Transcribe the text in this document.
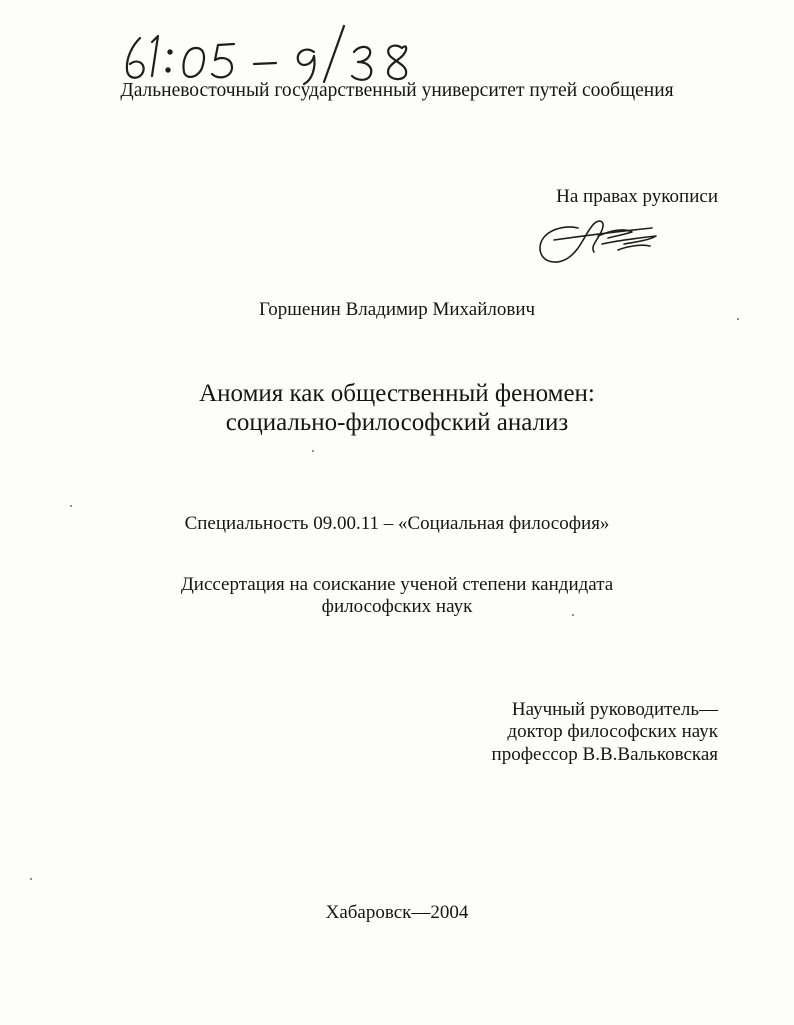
Дальневосточный государственный университет путей сообщения
На правах рукописи
Горшенин Владимир Михайлович
Аномия как общественный феномен:
социально-философский анализ
Специальность 09.00.11 – «Социальная философия»
Диссертация на соискание ученой степени кандидата
философских наук
Научный руководитель—
доктор философских наук
профессор В.В.Вальковская
Хабаровск—2004
